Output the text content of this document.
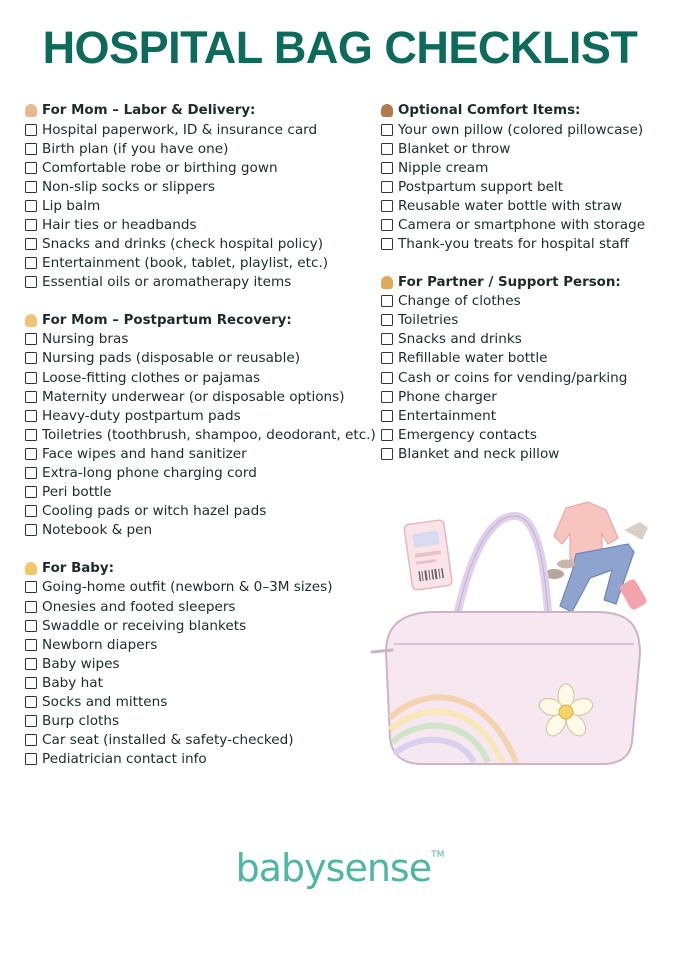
HOSPITAL BAG CHECKLIST
For Mom – Labor & Delivery:
Hospital paperwork, ID & insurance card
Birth plan (if you have one)
Comfortable robe or birthing gown
Non-slip socks or slippers
Lip balm
Hair ties or headbands
Snacks and drinks (check hospital policy)
Entertainment (book, tablet, playlist, etc.)
Essential oils or aromatherapy items
For Mom – Postpartum Recovery:
Nursing bras
Nursing pads (disposable or reusable)
Loose-fitting clothes or pajamas
Maternity underwear (or disposable options)
Heavy-duty postpartum pads
Toiletries (toothbrush, shampoo, deodorant, etc.)
Face wipes and hand sanitizer
Extra-long phone charging cord
Peri bottle
Cooling pads or witch hazel pads
Notebook & pen
For Baby:
Going-home outfit (newborn & 0–3M sizes)
Onesies and footed sleepers
Swaddle or receiving blankets
Newborn diapers
Baby wipes
Baby hat
Socks and mittens
Burp cloths
Car seat (installed & safety-checked)
Pediatrician contact info
Optional Comfort Items:
Your own pillow (colored pillowcase)
Blanket or throw
Nipple cream
Postpartum support belt
Reusable water bottle with straw
Camera or smartphone with storage
Thank-you treats for hospital staff
For Partner / Support Person:
Change of clothes
Toiletries
Snacks and drinks
Refillable water bottle
Cash or coins for vending/parking
Phone charger
Entertainment
Emergency contacts
Blanket and neck pillow
babysense™
